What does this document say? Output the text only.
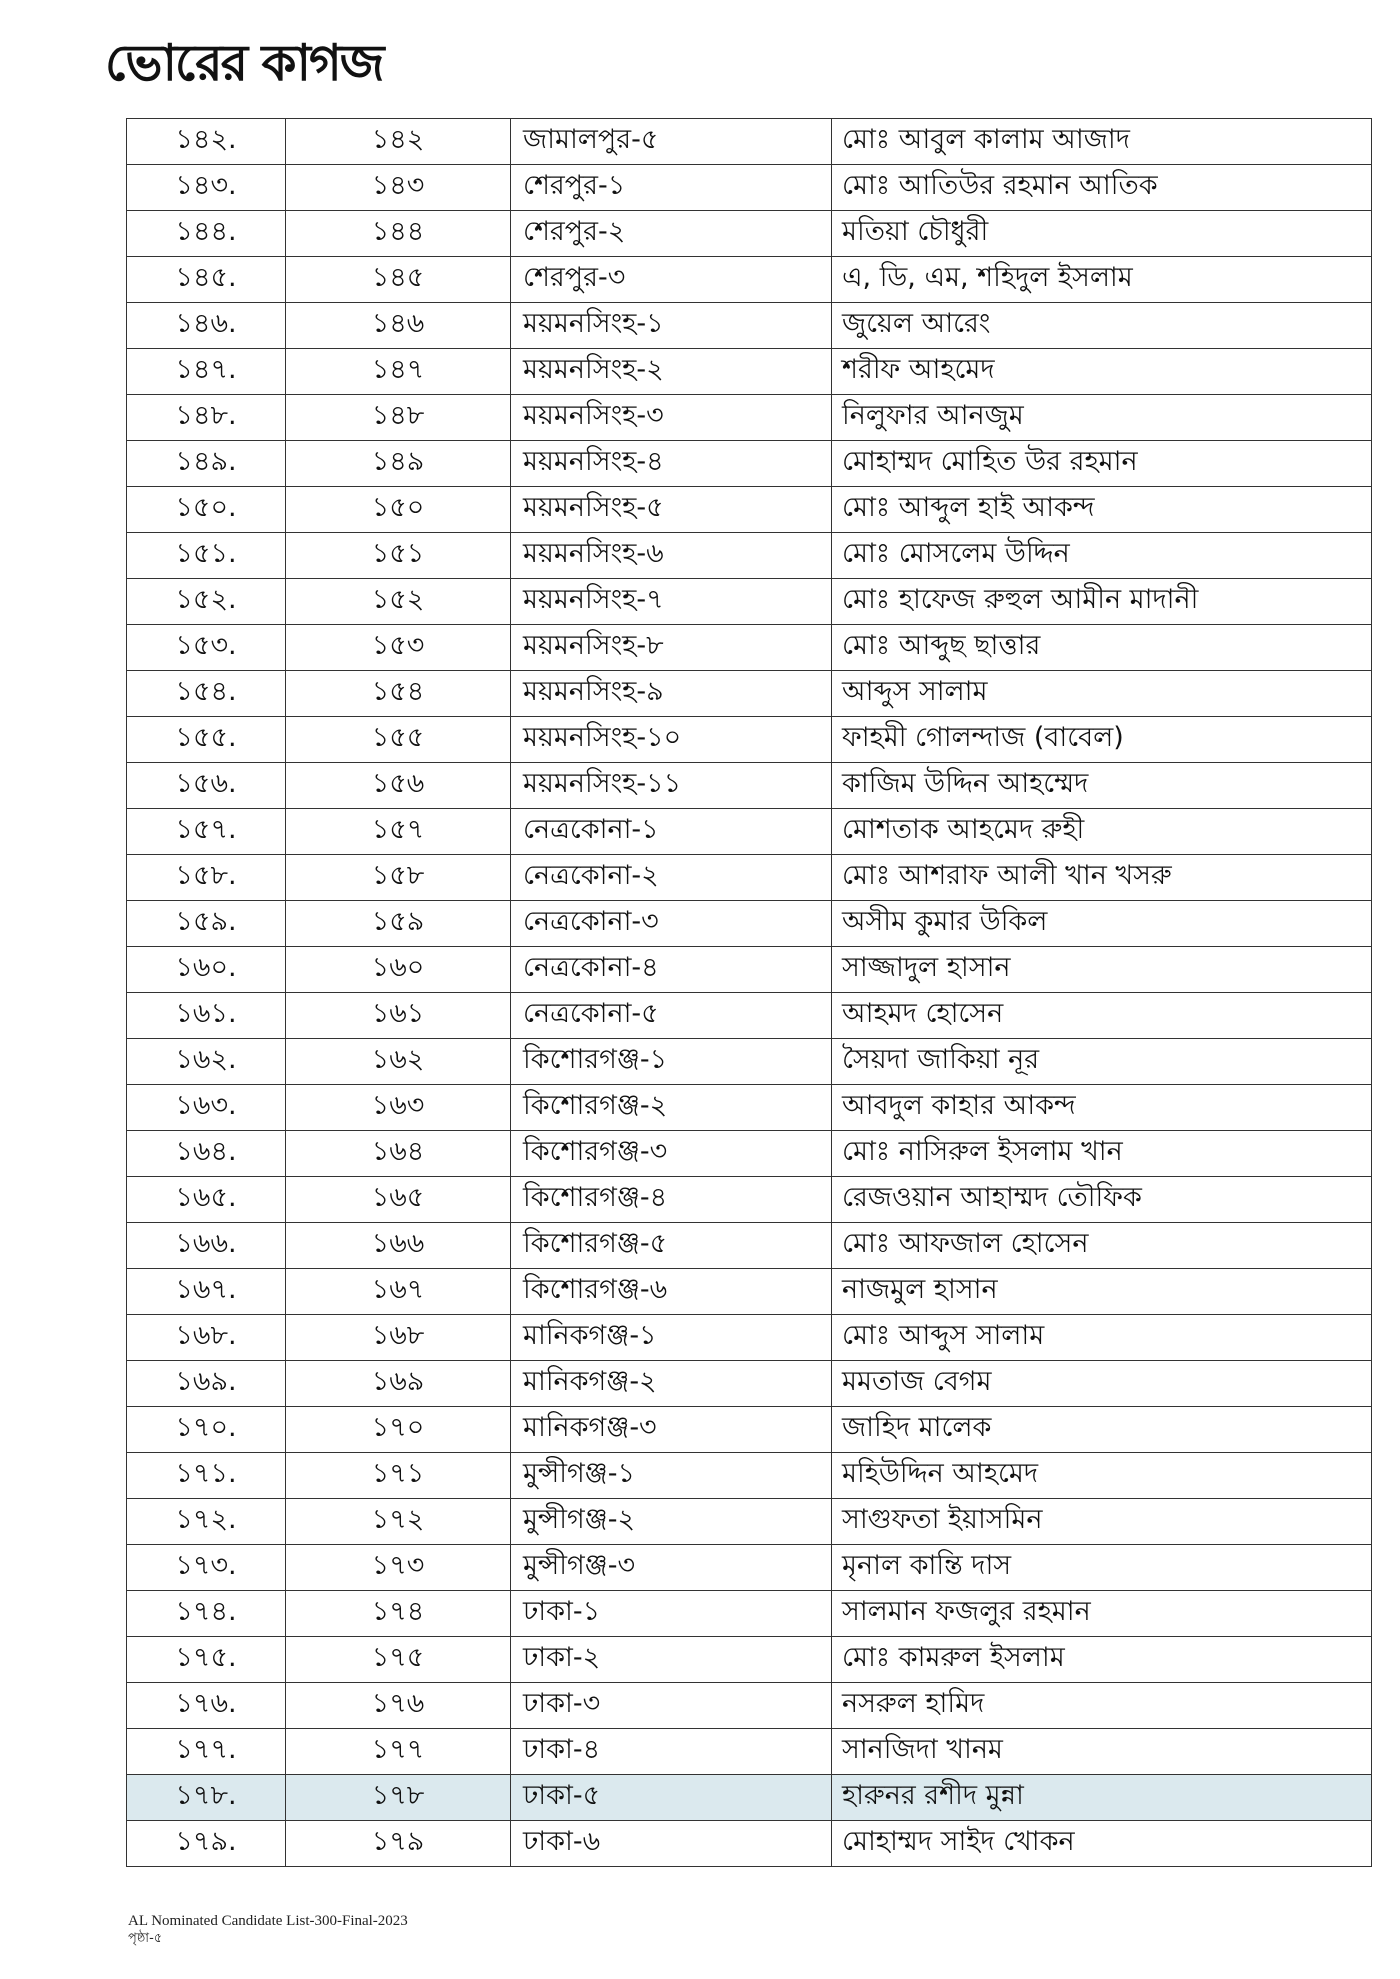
ভোরের কাগজ
১৪২.	১৪২	জামালপুর-৫	মোঃ আবুল কালাম আজাদ
১৪৩.	১৪৩	শেরপুর-১	মোঃ আতিউর রহমান আতিক
১৪৪.	১৪৪	শেরপুর-২	মতিয়া চৌধুরী
১৪৫.	১৪৫	শেরপুর-৩	এ, ডি, এম, শহিদুল ইসলাম
১৪৬.	১৪৬	ময়মনসিংহ-১	জুয়েল আরেং
১৪৭.	১৪৭	ময়মনসিংহ-২	শরীফ আহমেদ
১৪৮.	১৪৮	ময়মনসিংহ-৩	নিলুফার আনজুম
১৪৯.	১৪৯	ময়মনসিংহ-৪	মোহাম্মদ মোহিত উর রহমান
১৫০.	১৫০	ময়মনসিংহ-৫	মোঃ আব্দুল হাই আকন্দ
১৫১.	১৫১	ময়মনসিংহ-৬	মোঃ মোসলেম উদ্দিন
১৫২.	১৫২	ময়মনসিংহ-৭	মোঃ হাফেজ রুহুল আমীন মাদানী
১৫৩.	১৫৩	ময়মনসিংহ-৮	মোঃ আব্দুছ ছাত্তার
১৫৪.	১৫৪	ময়মনসিংহ-৯	আব্দুস সালাম
১৫৫.	১৫৫	ময়মনসিংহ-১০	ফাহমী গোলন্দাজ (বাবেল)
১৫৬.	১৫৬	ময়মনসিংহ-১১	কাজিম উদ্দিন আহম্মেদ
১৫৭.	১৫৭	নেত্রকোনা-১	মোশতাক আহমেদ রুহী
১৫৮.	১৫৮	নেত্রকোনা-২	মোঃ আশরাফ আলী খান খসরু
১৫৯.	১৫৯	নেত্রকোনা-৩	অসীম কুমার উকিল
১৬০.	১৬০	নেত্রকোনা-৪	সাজ্জাদুল হাসান
১৬১.	১৬১	নেত্রকোনা-৫	আহমদ হোসেন
১৬২.	১৬২	কিশোরগঞ্জ-১	সৈয়দা জাকিয়া নূর
১৬৩.	১৬৩	কিশোরগঞ্জ-২	আবদুল কাহার আকন্দ
১৬৪.	১৬৪	কিশোরগঞ্জ-৩	মোঃ নাসিরুল ইসলাম খান
১৬৫.	১৬৫	কিশোরগঞ্জ-৪	রেজওয়ান আহাম্মদ তৌফিক
১৬৬.	১৬৬	কিশোরগঞ্জ-৫	মোঃ আফজাল হোসেন
১৬৭.	১৬৭	কিশোরগঞ্জ-৬	নাজমুল হাসান
১৬৮.	১৬৮	মানিকগঞ্জ-১	মোঃ আব্দুস সালাম
১৬৯.	১৬৯	মানিকগঞ্জ-২	মমতাজ বেগম
১৭০.	১৭০	মানিকগঞ্জ-৩	জাহিদ মালেক
১৭১.	১৭১	মুন্সীগঞ্জ-১	মহিউদ্দিন আহমেদ
১৭২.	১৭২	মুন্সীগঞ্জ-২	সাগুফতা ইয়াসমিন
১৭৩.	১৭৩	মুন্সীগঞ্জ-৩	মৃনাল কান্তি দাস
১৭৪.	১৭৪	ঢাকা-১	সালমান ফজলুর রহমান
১৭৫.	১৭৫	ঢাকা-২	মোঃ কামরুল ইসলাম
১৭৬.	১৭৬	ঢাকা-৩	নসরুল হামিদ
১৭৭.	১৭৭	ঢাকা-৪	সানজিদা খানম
১৭৮.	১৭৮	ঢাকা-৫	হারুনর রশীদ মুন্না
১৭৯.	১৭৯	ঢাকা-৬	মোহাম্মদ সাইদ খোকন
AL Nominated Candidate List-300-Final-2023
পৃষ্ঠা-৫
